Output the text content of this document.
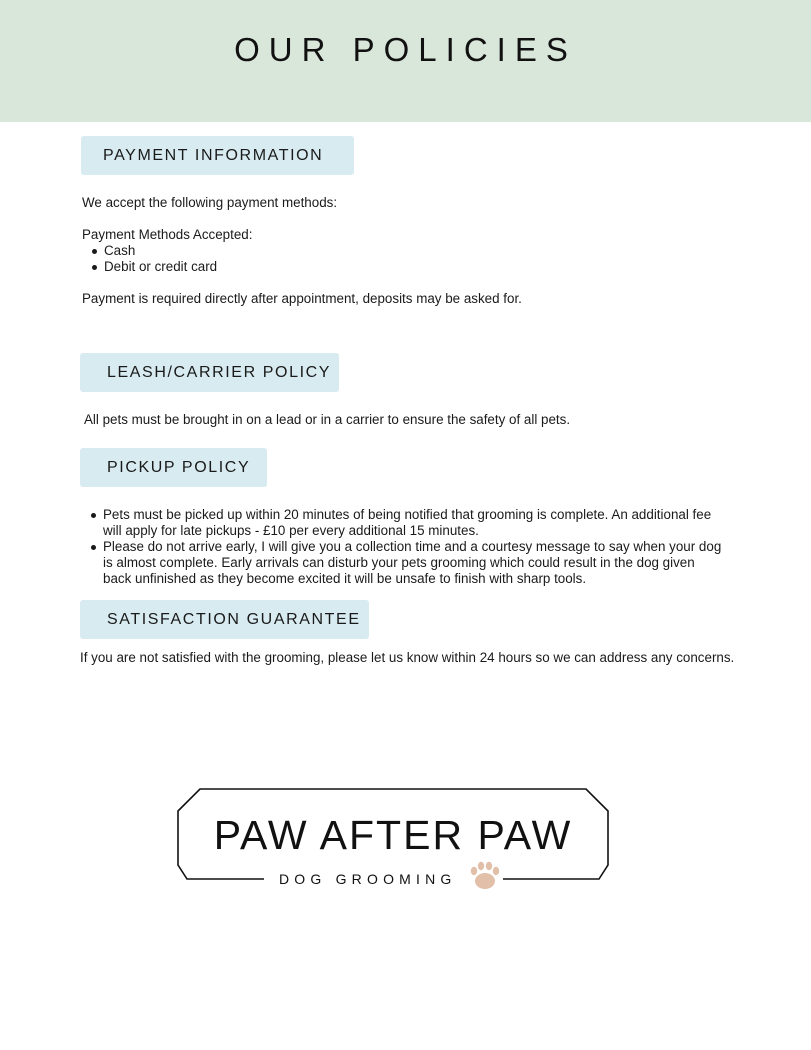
OUR POLICIES
PAYMENT INFORMATION

We accept the following payment methods:

Payment Methods Accepted:

Cash
Debit or credit card

Payment is required directly after appointment, deposits may be asked for.

LEASH/CARRIER POLICY

All pets must be brought in on a lead or in a carrier to ensure the safety of all pets.

PICKUP POLICY
Pets must be picked up within 20 minutes of being notified that grooming is complete. An additional fee will apply for late pickups - £10 per every additional 15 minutes.
Please do not arrive early, I will give you a collection time and a courtesy message to say when your dog is almost complete. Early arrivals can disturb your pets grooming which could result in the dog given back unfinished as they become excited it will be unsafe to finish with sharp tools.
SATISFACTION GUARANTEE

If you are not satisfied with the grooming, please let us know within 24 hours so we can address any concerns.

PAW AFTER PAW
DOG GROOMING
